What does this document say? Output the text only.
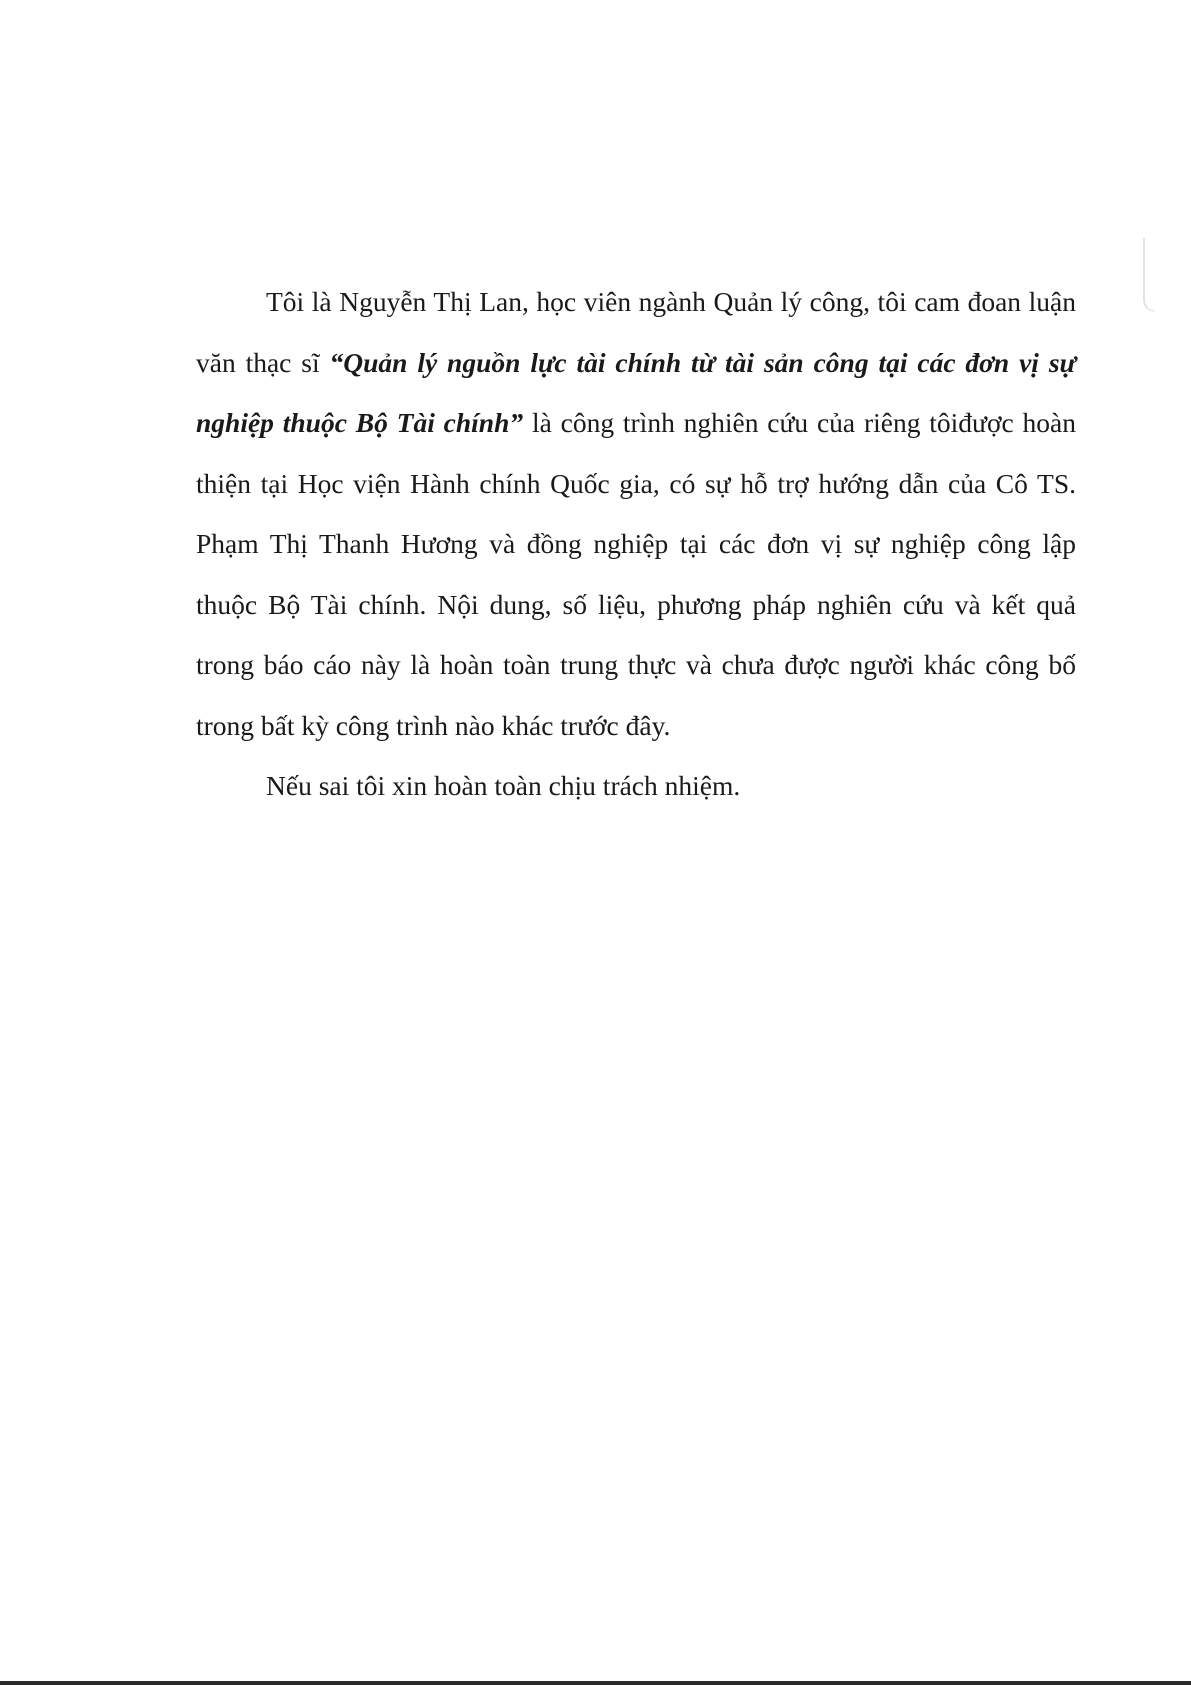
Tôi là Nguyễn Thị Lan, học viên ngành Quản lý công, tôi cam đoan luận văn thạc sĩ “Quản lý nguồn lực tài chính từ tài sản công tại các đơn vị sự nghiệp thuộc Bộ Tài chính” là công trình nghiên cứu của riêng tôiđược hoàn thiện tại Học viện Hành chính Quốc gia, có sự hỗ trợ hướng dẫn của Cô TS. Phạm Thị Thanh Hương và đồng nghiệp tại các đơn vị sự nghiệp công lập thuộc Bộ Tài chính. Nội dung, số liệu, phương pháp nghiên cứu và kết quả trong báo cáo này là hoàn toàn trung thực và chưa được người khác công bố trong bất kỳ công trình nào khác trước đây.

Nếu sai tôi xin hoàn toàn chịu trách nhiệm.
